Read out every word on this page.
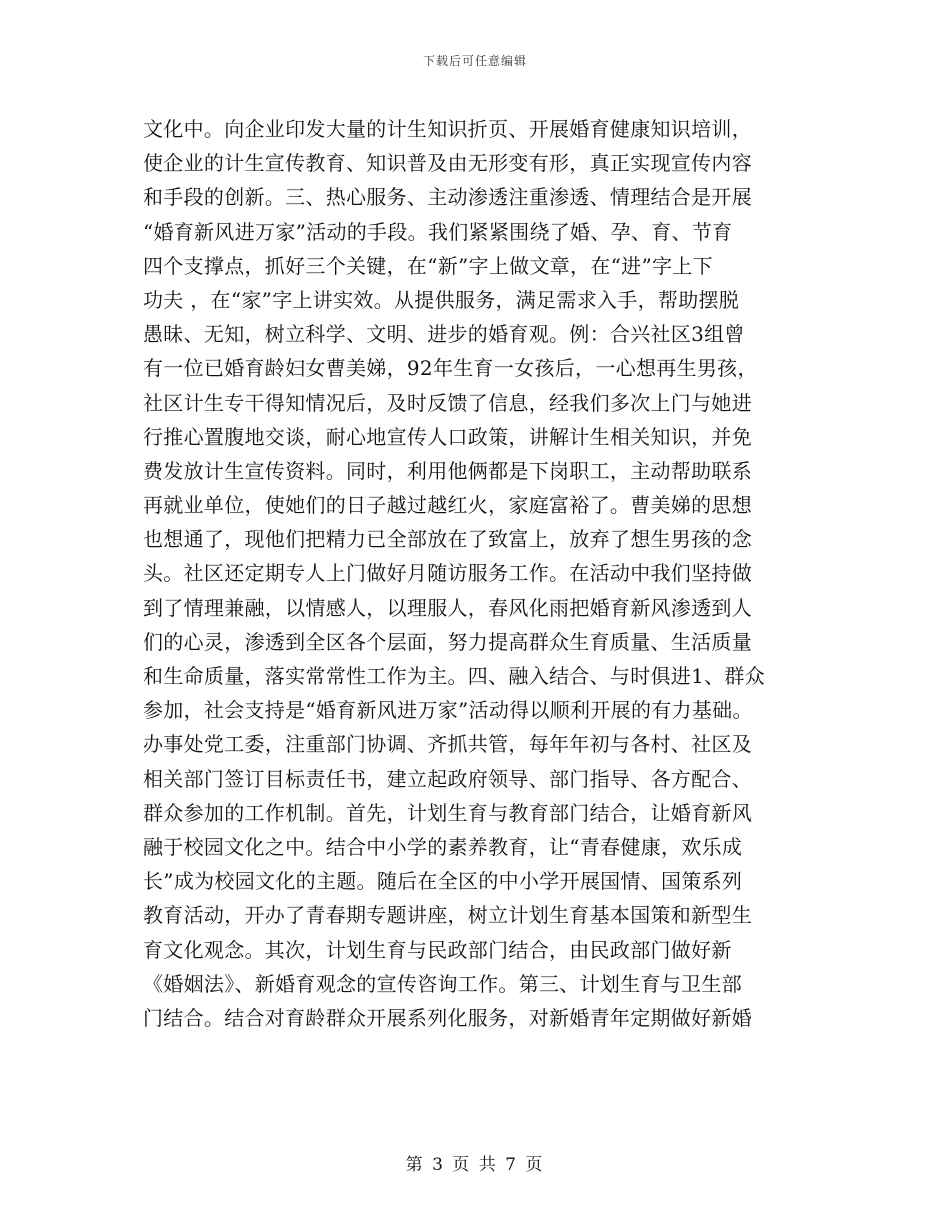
下载后可任意编辑
文化中。向企业印发大量的计生知识折页、开展婚育健康知识培训，
使企业的计生宣传教育、知识普及由无形变有形，真正实现宣传内容
和手段的创新。三、热心服务、主动渗透注重渗透、情理结合是开展
“婚育新风进万家”活动的手段。我们紧紧围绕了婚、孕、育、节育
四个支撑点，抓好三个关键，在“新”字上做文章，在“进”字上下
功夫 ，在“家”字上讲实效。从提供服务，满足需求入手，帮助摆脱
愚昧、无知，树立科学、文明、进步的婚育观。例：合兴社区3组曾
有一位已婚育龄妇女曹美娣，92年生育一女孩后，一心想再生男孩，
社区计生专干得知情况后，及时反馈了信息，经我们多次上门与她进
行推心置腹地交谈，耐心地宣传人口政策，讲解计生相关知识，并免
费发放计生宣传资料。同时，利用他俩都是下岗职工，主动帮助联系
再就业单位，使她们的日子越过越红火，家庭富裕了。曹美娣的思想
也想通了，现他们把精力已全部放在了致富上，放弃了想生男孩的念
头。社区还定期专人上门做好月随访服务工作。在活动中我们坚持做
到了情理兼融，以情感人，以理服人，春风化雨把婚育新风渗透到人
们的心灵，渗透到全区各个层面，努力提高群众生育质量、生活质量
和生命质量，落实常常性工作为主。四、融入结合、与时俱进1、群众
参加，社会支持是“婚育新风进万家”活动得以顺利开展的有力基础。
办事处党工委，注重部门协调、齐抓共管，每年年初与各村、社区及
相关部门签订目标责任书，建立起政府领导、部门指导、各方配合、
群众参加的工作机制。首先，计划生育与教育部门结合，让婚育新风
融于校园文化之中。结合中小学的素养教育，让“青春健康，欢乐成
长”成为校园文化的主题。随后在全区的中小学开展国情、国策系列
教育活动，开办了青春期专题讲座，树立计划生育基本国策和新型生
育文化观念。其次，计划生育与民政部门结合，由民政部门做好新
《婚姻法》、新婚育观念的宣传咨询工作。第三、计划生育与卫生部
门结合。结合对育龄群众开展系列化服务，对新婚青年定期做好新婚
第 3 页 共 7 页
